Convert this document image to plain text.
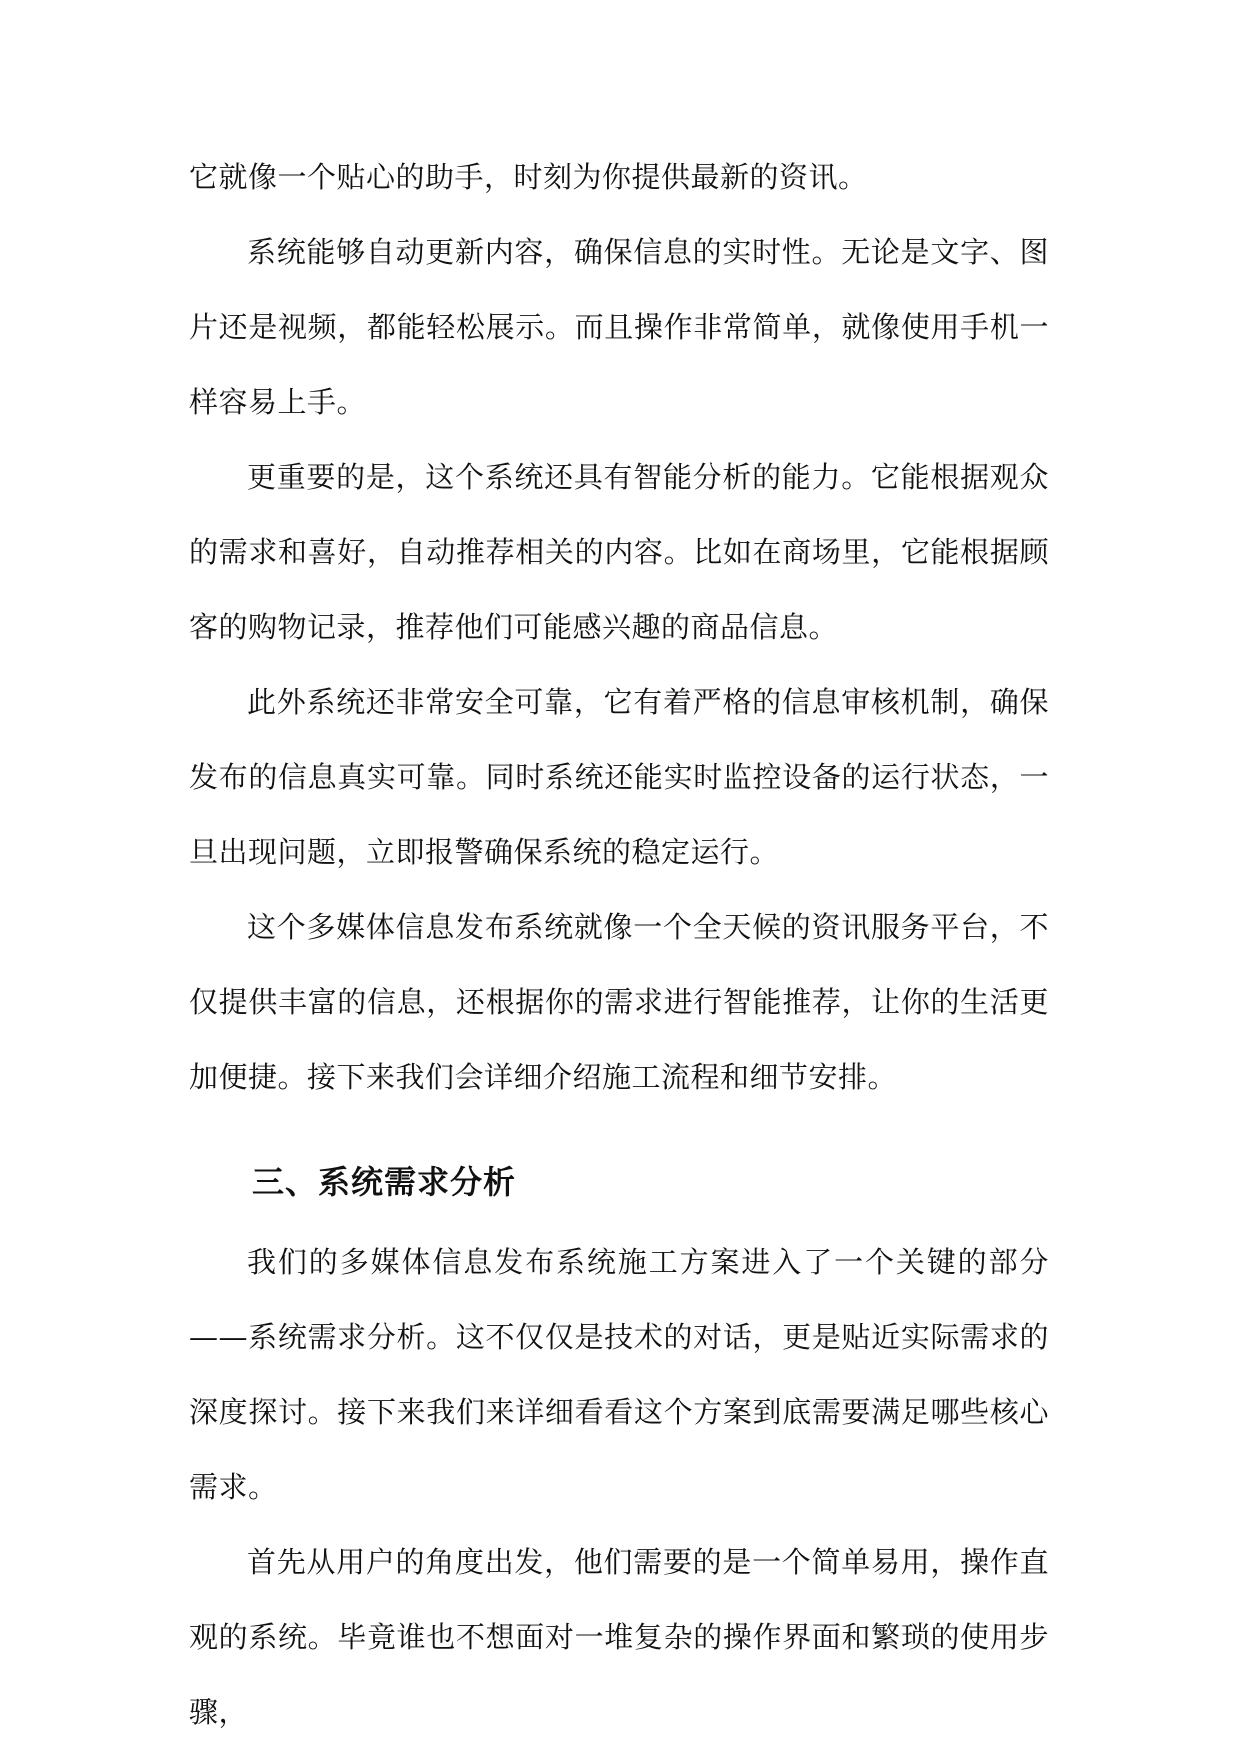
它就像一个贴心的助手，时刻为你提供最新的资讯。

系统能够自动更新内容，确保信息的实时性。无论是文字、图片还是视频，都能轻松展示。而且操作非常简单，就像使用手机一样容易上手。

更重要的是，这个系统还具有智能分析的能力。它能根据观众的需求和喜好，自动推荐相关的内容。比如在商场里，它能根据顾客的购物记录，推荐他们可能感兴趣的商品信息。

此外系统还非常安全可靠，它有着严格的信息审核机制，确保发布的信息真实可靠。同时系统还能实时监控设备的运行状态，一旦出现问题，立即报警确保系统的稳定运行。

这个多媒体信息发布系统就像一个全天候的资讯服务平台，不仅提供丰富的信息，还根据你的需求进行智能推荐，让你的生活更加便捷。接下来我们会详细介绍施工流程和细节安排。

三、系统需求分析

我们的多媒体信息发布系统施工方案进入了一个关键的部分——系统需求分析。这不仅仅是技术的对话，更是贴近实际需求的深度探讨。接下来我们来详细看看这个方案到底需要满足哪些核心需求。

首先从用户的角度出发，他们需要的是一个简单易用，操作直观的系统。毕竟谁也不想面对一堆复杂的操作界面和繁琐的使用步骤，
